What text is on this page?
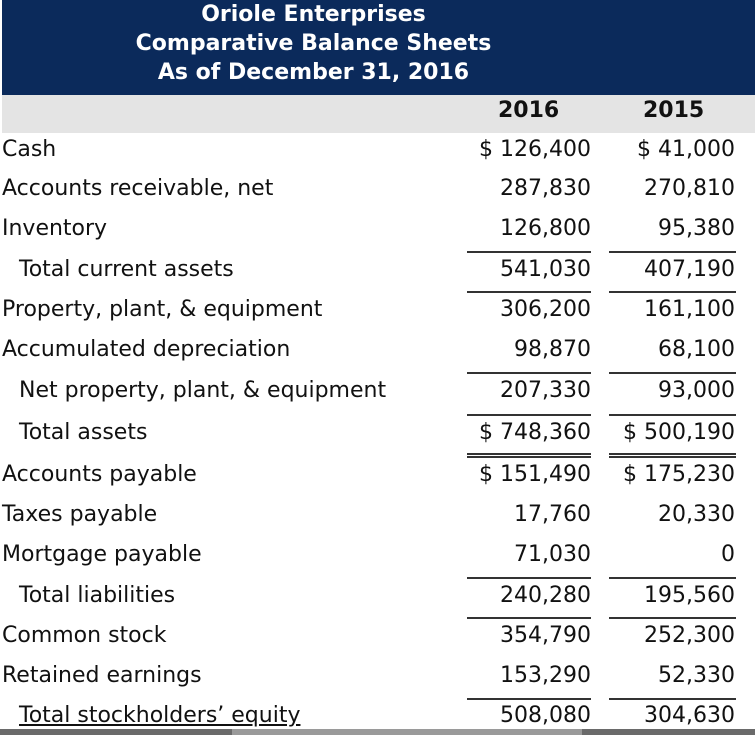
Oriole Enterprises
Comparative Balance Sheets
As of December 31, 2016
2016	2015
Cash	$ 126,400 $ 41,000
Accounts receivable, net	287,830 270,810
Inventory	126,800	95,380
Total current assets	541,030 407,190
Property, plant, & equipment	306,200 161,100
Accumulated depreciation	98,870	68,100
Net property, plant, & equipment	207,330	93,000
Total assets	$ 748,360 $ 500,190
Accounts payable	$ 151,490 $ 175,230
Taxes payable	17,760	20,330
Mortgage payable	71,030	0
Total liabilities	240,280 195,560
Common stock	354,790 252,300
Retained earnings	153,290	52,330
Total stockholders’ equity	508,080 304,630
